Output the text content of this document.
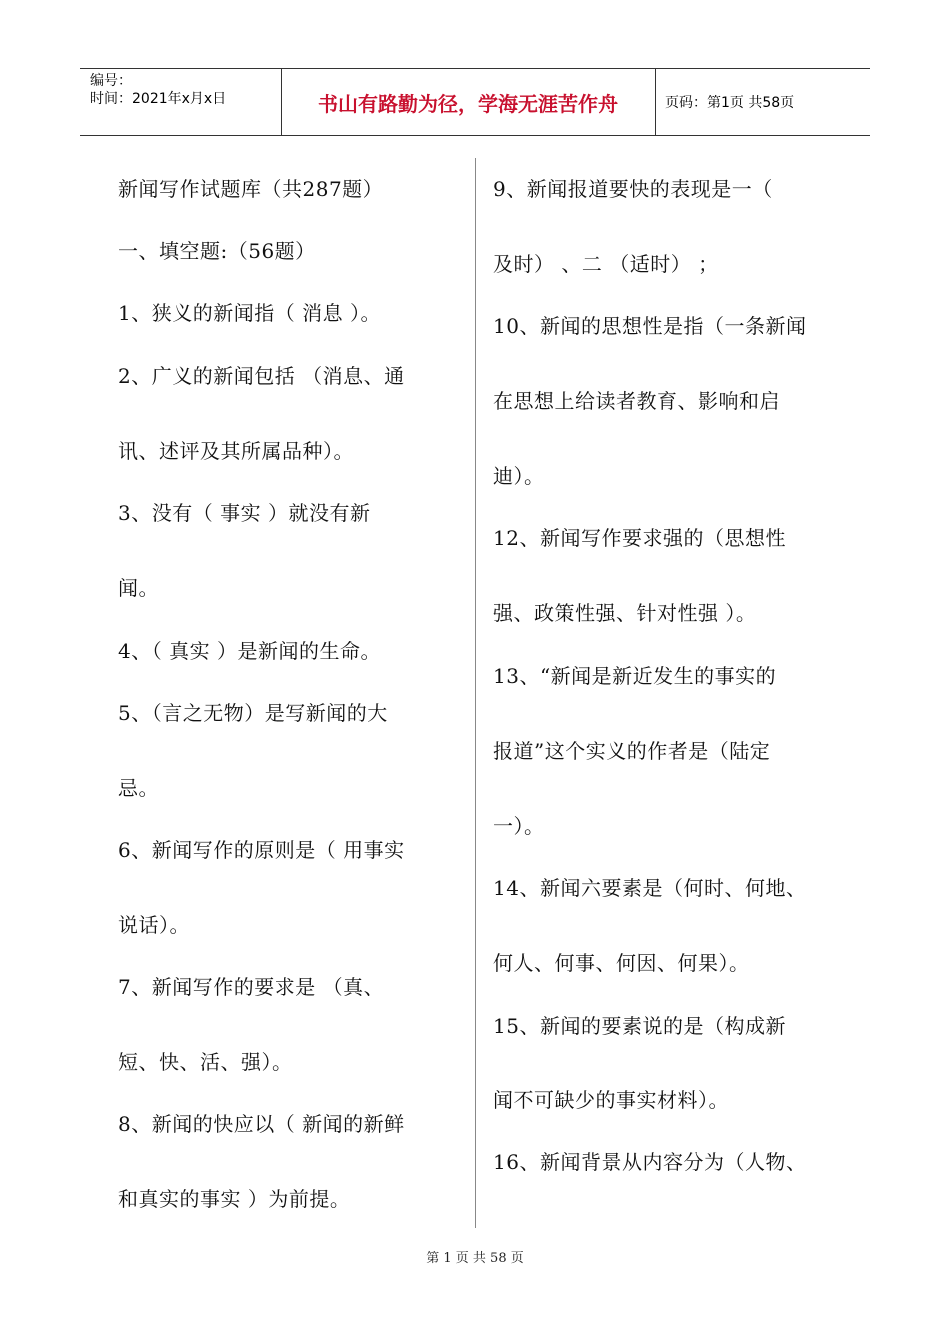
编号：
时间：2021年x月x日	书山有路勤为径，学海无涯苦作舟	页码：第1页 共58页
新闻写作试题库（共287题）
一、填空题:（56题）
1、狭义的新闻指（ 消息 ）。
2、广义的新闻包括 （消息、通
讯、述评及其所属品种）。
3、没有（ 事实 ）就没有新
闻。
4、（ 真实 ）是新闻的生命。
5、（言之无物）是写新闻的大
忌。
6、新闻写作的原则是（ 用事实
说话）。
7、新闻写作的要求是 （真、
短、快、活、强）。
8、新闻的快应以（ 新闻的新鲜
和真实的事实 ）为前提。
9、新闻报道要快的表现是一（
及时） 、二 （适时） ；
10、新闻的思想性是指（一条新闻
在思想上给读者教育、影响和启
迪）。
12、新闻写作要求强的（思想性
强、政策性强、针对性强 ）。
13、“新闻是新近发生的事实的
报道”这个实义的作者是（陆定
一）。
14、新闻六要素是（何时、何地、
何人、何事、何因、何果）。
15、新闻的要素说的是（构成新
闻不可缺少的事实材料）。
16、新闻背景从内容分为（人物、
第 1 页 共 58 页
